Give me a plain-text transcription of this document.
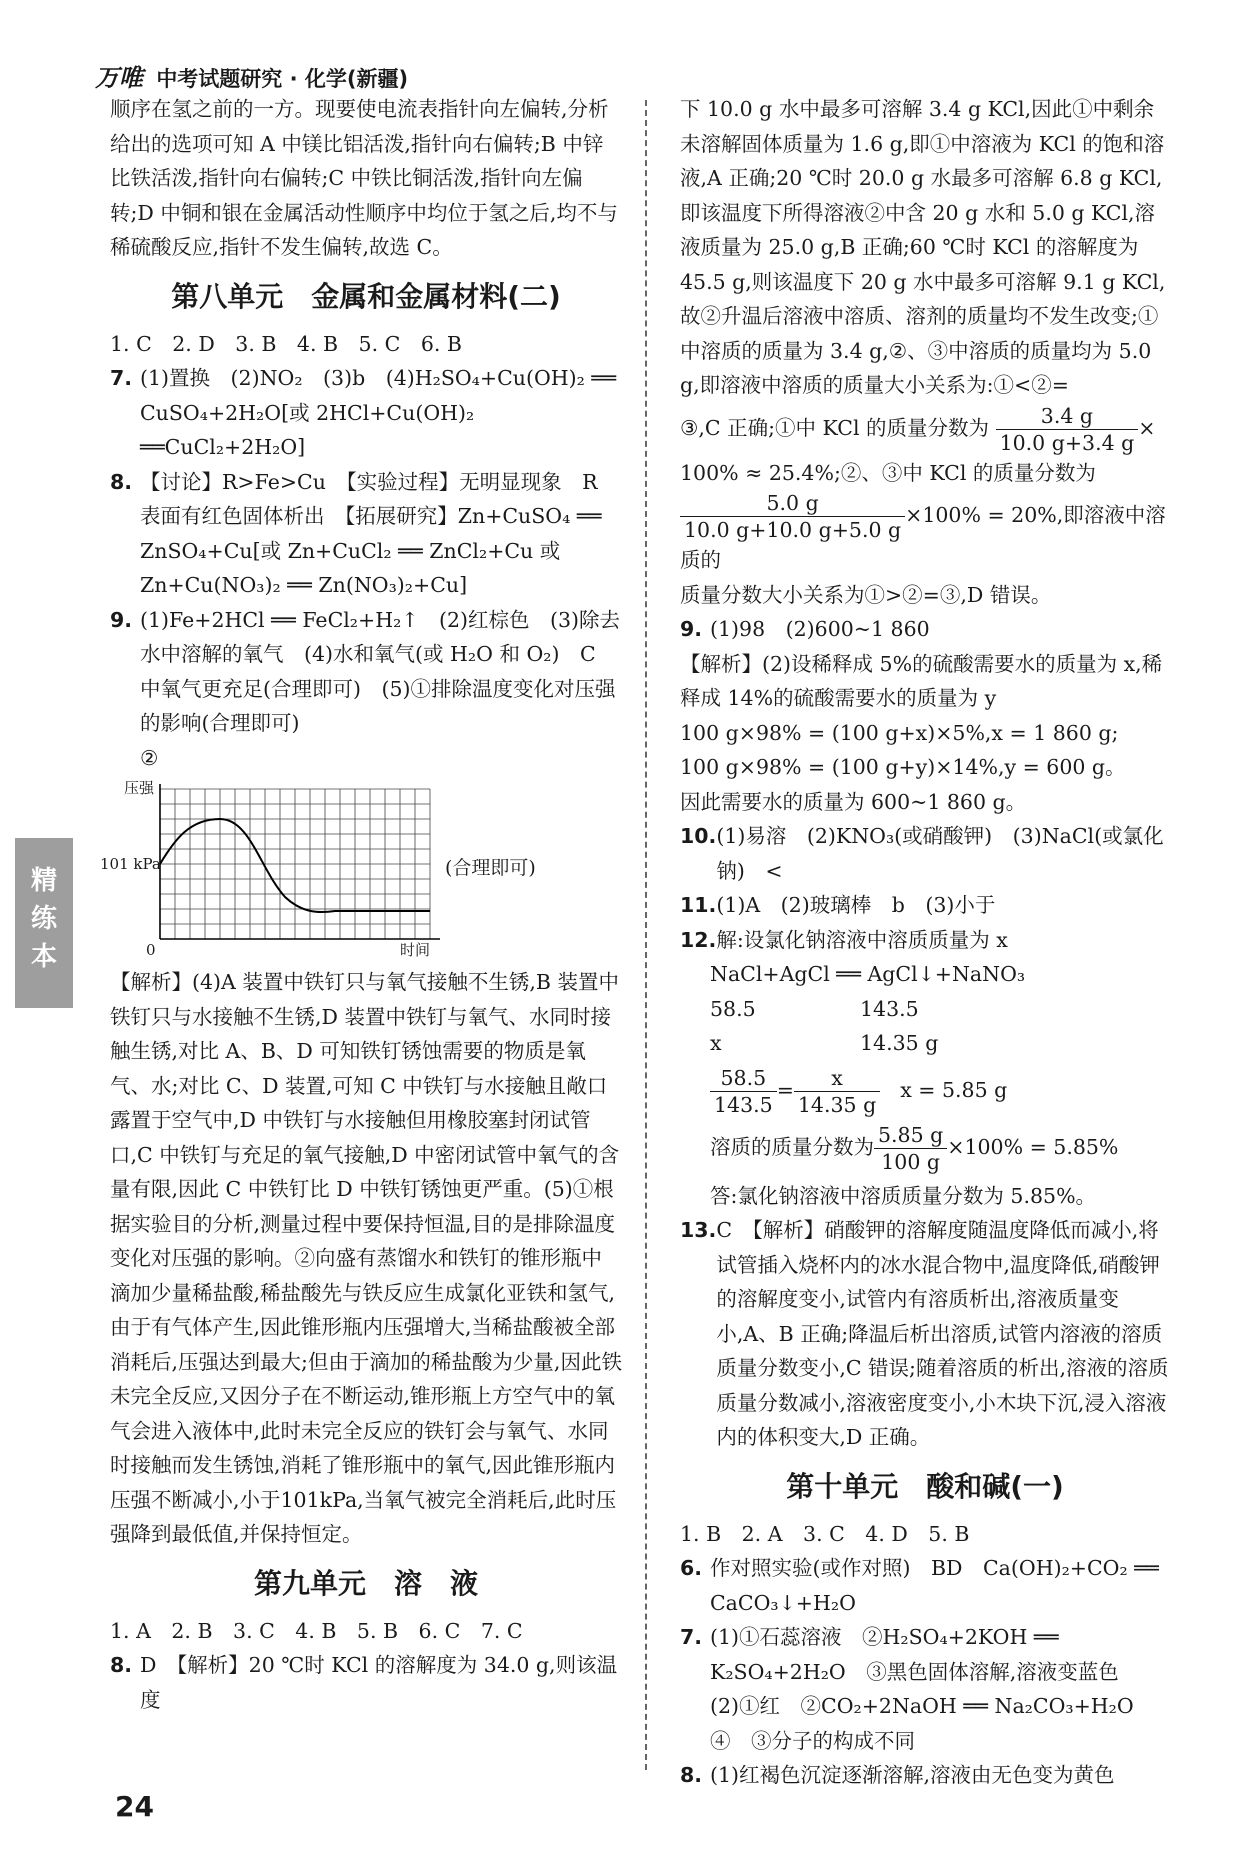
万唯 中考试题研究 · 化学(新疆)
精
练
本

顺序在氢之前的一方。现要使电流表指针向左偏转,分析给出的选项可知 A 中镁比铝活泼,指针向右偏转;B 中锌比铁活泼,指针向右偏转;C 中铁比铜活泼,指针向左偏转;D 中铜和银在金属活动性顺序中均位于氢之后,均不与稀硫酸反应,指针不发生偏转,故选 C。

第八单元　金属和金属材料(二)

1. C　2. D　3. B　4. B　5. C　6. B

7. (1)置换　(2)NO₂　(3)b　(4)H₂SO₄+Cu(OH)₂ ══ CuSO₄+2H₂O[或 2HCl+Cu(OH)₂ ══CuCl₂+2H₂O]
8. 【讨论】R>Fe>Cu　【实验过程】无明显现象　R 表面有红色固体析出　【拓展研究】Zn+CuSO₄ ══ ZnSO₄+Cu[或 Zn+CuCl₂ ══ ZnCl₂+Cu 或 Zn+Cu(NO₃)₂ ══ Zn(NO₃)₂+Cu]
9. (1)Fe+2HCl ══ FeCl₂+H₂↑　(2)红棕色　(3)除去水中溶解的氧气　(4)水和氧气(或 H₂O 和 O₂)　C 中氧气更充足(合理即可)　(5)①排除温度变化对压强的影响(合理即可)
②
压强
101 kPa
0	时间
(合理即可)

【解析】(4)A 装置中铁钉只与氧气接触不生锈,B 装置中铁钉只与水接触不生锈,D 装置中铁钉与氧气、水同时接触生锈,对比 A、B、D 可知铁钉锈蚀需要的物质是氧气、水;对比 C、D 装置,可知 C 中铁钉与水接触且敞口露置于空气中,D 中铁钉与水接触但用橡胶塞封闭试管口,C 中铁钉与充足的氧气接触,D 中密闭试管中氧气的含量有限,因此 C 中铁钉比 D 中铁钉锈蚀更严重。(5)①根据实验目的分析,测量过程中要保持恒温,目的是排除温度变化对压强的影响。②向盛有蒸馏水和铁钉的锥形瓶中滴加少量稀盐酸,稀盐酸先与铁反应生成氯化亚铁和氢气,由于有气体产生,因此锥形瓶内压强增大,当稀盐酸被全部消耗后,压强达到最大;但由于滴加的稀盐酸为少量,因此铁未完全反应,又因分子在不断运动,锥形瓶上方空气中的氧气会进入液体中,此时未完全反应的铁钉会与氧气、水同时接触而发生锈蚀,消耗了锥形瓶中的氧气,因此锥形瓶内压强不断减小,小于101kPa,当氧气被完全消耗后,此时压强降到最低值,并保持恒定。

第九单元　溶　液

1. A　2. B　3. C　4. B　5. B　6. C　7. C

8. D　【解析】20 ℃时 KCl 的溶解度为 34.0 g,则该温度

下 10.0 g 水中最多可溶解 3.4 g KCl,因此①中剩余未溶解固体质量为 1.6 g,即①中溶液为 KCl 的饱和溶液,A 正确;20 ℃时 20.0 g 水最多可溶解 6.8 g KCl,即该温度下所得溶液②中含 20 g 水和 5.0 g KCl,溶液质量为 25.0 g,B 正确;60 ℃时 KCl 的溶解度为 45.5 g,则该温度下 20 g 水中最多可溶解 9.1 g KCl,故②升温后溶液中溶质、溶剂的质量均不发生改变;①中溶质的质量为 3.4 g,②、③中溶质的质量均为 5.0 g,即溶液中溶质的质量大小关系为:①<②=

③,C 正确;①中 KCl 的质量分数为 $\frac{3.4 g}{10.0 g+3.4 g}$ ×

100% ≈ 25.4%;②、③中 KCl 的质量分数为

$\frac{5.0 g}{10.0 g+10.0 g+5.0 g} \times 100\% = 20\%$,即溶液中溶质的

质量分数大小关系为①>②=③,D 错误。

9. (1)98　(2)600~1 860

【解析】(2)设稀释成 5%的硫酸需要水的质量为 x,稀释成 14%的硫酸需要水的质量为 y

100 g×98% = (100 g+x)×5%,x = 1 860 g;

100 g×98% = (100 g+y)×14%,y = 600 g。

因此需要水的质量为 600~1 860 g。

10. (1)易溶　(2)KNO₃(或硝酸钾)　(3)NaCl(或氯化钠)　<
11. (1)A　(2)玻璃棒　b　(3)小于
12. 解:设氯化钠溶液中溶质质量为 x
NaCl+AgCl ══ AgCl↓+NaNO₃
58.5	143.5
x	14.35 g
$\frac{58.5}{143.5} = \frac{x}{14.35 g}$ x = 5.85 g
溶质的质量分数为 $\frac{5.85 g}{100 g} \times 100\% = 5.85\%$
答:氯化钠溶液中溶质质量分数为 5.85%。
13. C　【解析】硝酸钾的溶解度随温度降低而减小,将试管插入烧杯内的冰水混合物中,温度降低,硝酸钾的溶解度变小,试管内有溶质析出,溶液质量变小,A、B 正确;降温后析出溶质,试管内溶液的溶质质量分数变小,C 错误;随着溶质的析出,溶液的溶质质量分数减小,溶液密度变小,小木块下沉,浸入溶液内的体积变大,D 正确。
第十单元　酸和碱(一)

1. B　2. A　3. C　4. D　5. B

6. 作对照实验(或作对照)　BD　Ca(OH)₂+CO₂ ══ CaCO₃↓+H₂O
7. (1)①石蕊溶液　②H₂SO₄+2KOH ══ K₂SO₄+2H₂O　③黑色固体溶解,溶液变蓝色　(2)①红　②CO₂+2NaOH ══ Na₂CO₃+H₂O　④　③分子的构成不同
8. (1)红褐色沉淀逐渐溶解,溶液由无色变为黄色
24
